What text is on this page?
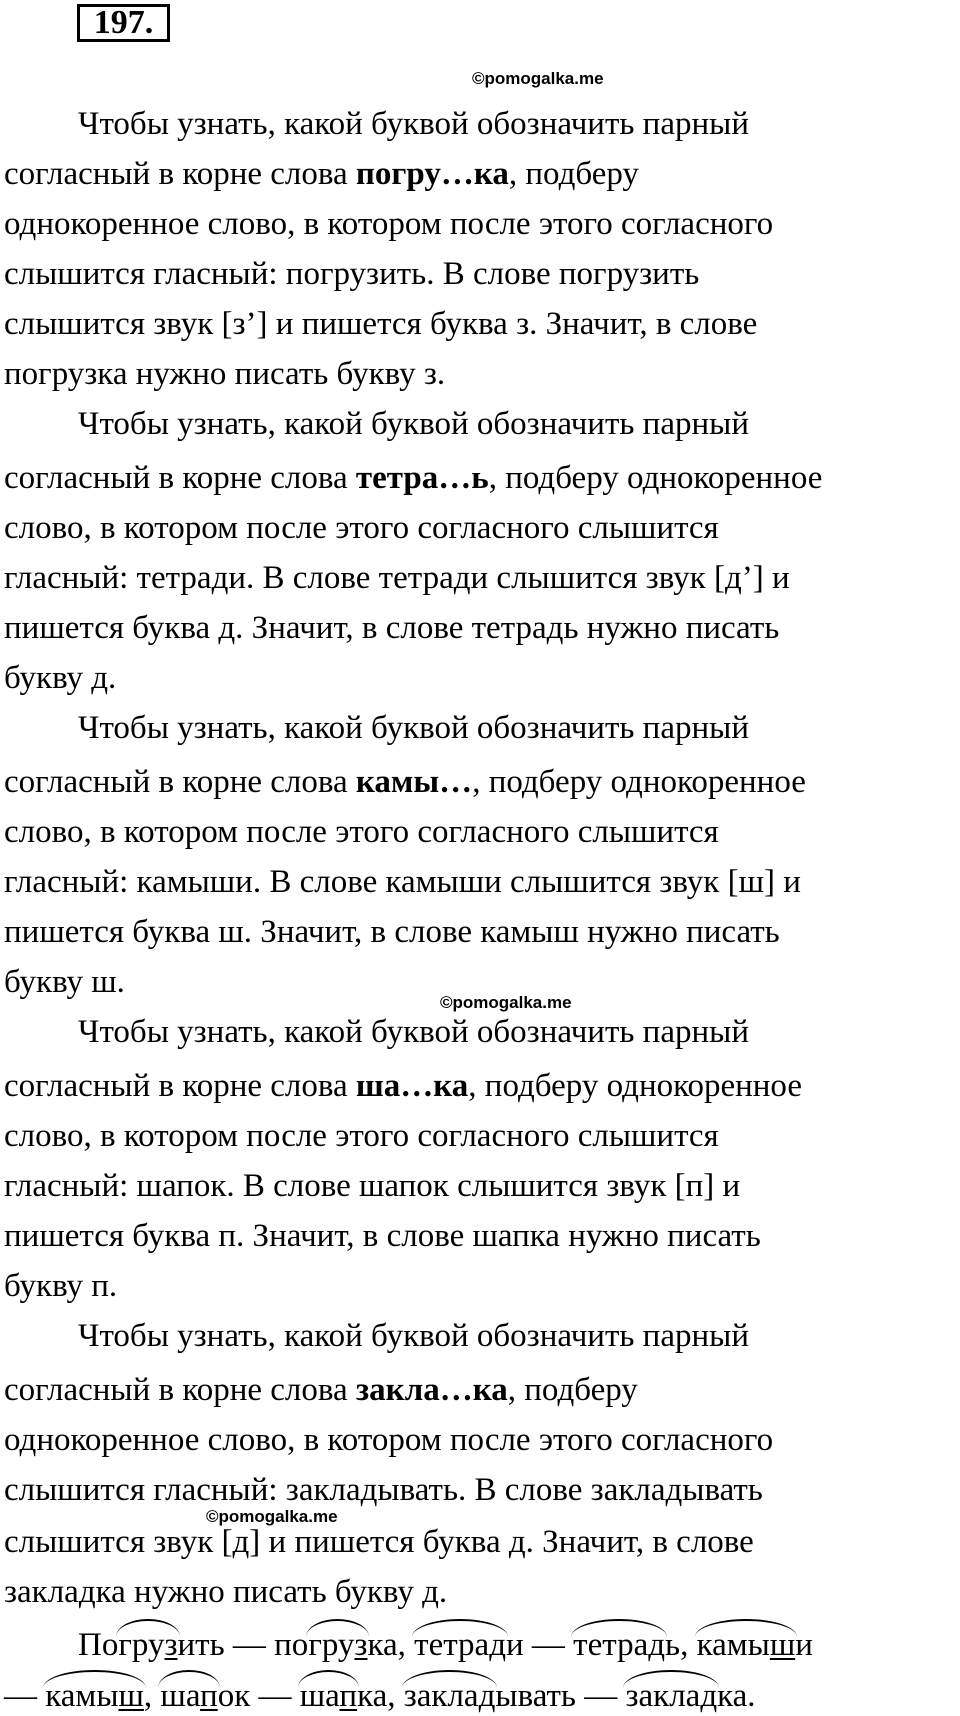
197.
©pomogalka.me
©pomogalka.me
©pomogalka.me
Чтобы узнать, какой буквой обозначить парный
согласный в корне слова погру…ка, подберу
однокоренное слово, в котором после этого согласного
слышится гласный: погрузить. В слове погрузить
слышится звук [з’] и пишется буква з. Значит, в слове
погрузка нужно писать букву з.
Чтобы узнать, какой буквой обозначить парный
согласный в корне слова тетра…ь, подберу однокоренное
слово, в котором после этого согласного слышится
гласный: тетради. В слове тетради слышится звук [д’] и
пишется буква д. Значит, в слове тетрадь нужно писать
букву д.
Чтобы узнать, какой буквой обозначить парный
согласный в корне слова камы…, подберу однокоренное
слово, в котором после этого согласного слышится
гласный: камыши. В слове камыши слышится звук [ш] и
пишется буква ш. Значит, в слове камыш нужно писать
букву ш.
Чтобы узнать, какой буквой обозначить парный
согласный в корне слова ша…ка, подберу однокоренное
слово, в котором после этого согласного слышится
гласный: шапок. В слове шапок слышится звук [п] и
пишется буква п. Значит, в слове шапка нужно писать
букву п.
Чтобы узнать, какой буквой обозначить парный
согласный в корне слова закла…ка, подберу
однокоренное слово, в котором после этого согласного
слышится гласный: закладывать. В слове закладывать
слышится звук [д] и пишется буква д. Значит, в слове
закладка нужно писать букву д.
По
грузить — по
грузка,
тетради —
тетрадь,
камыши
—
камыш,
шапок —
шапка,
закладывать —
закладка.
